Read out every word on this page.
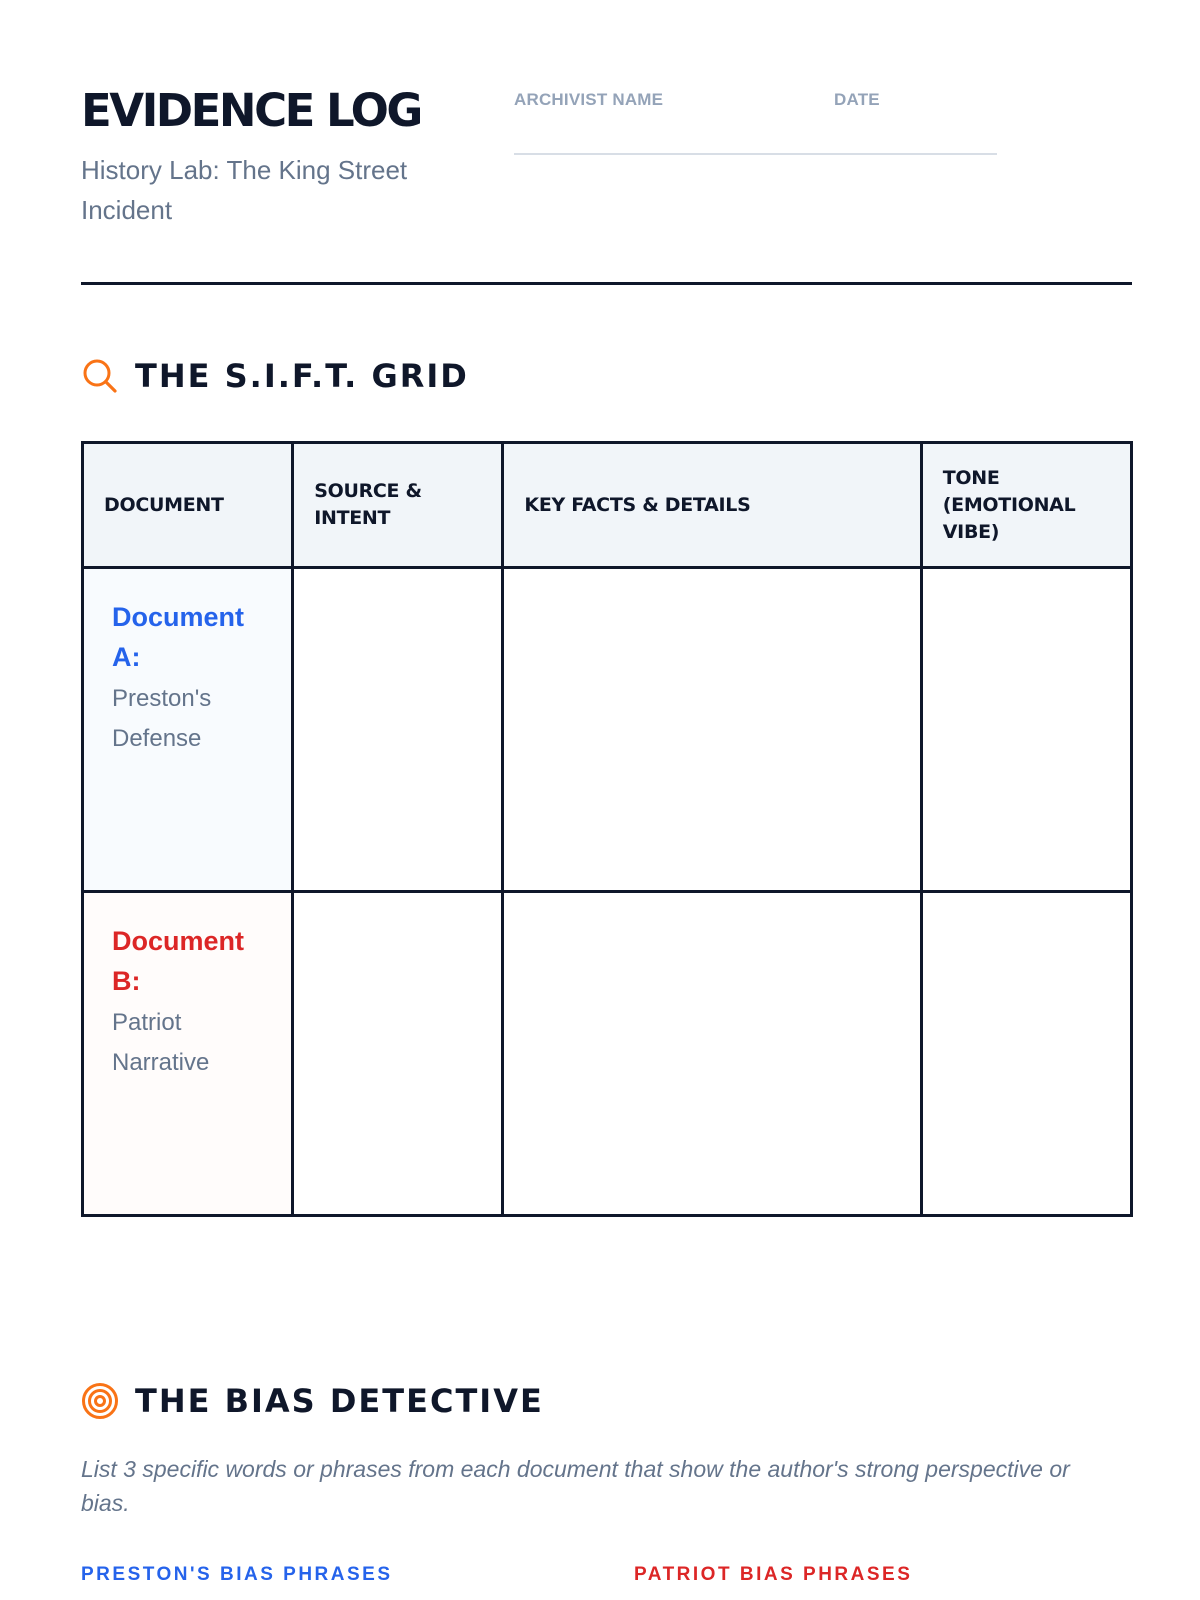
EVIDENCE LOG
History Lab: The King Street Incident
ARCHIVIST NAME	DATE
THE S.I.F.T. GRID
DOCUMENT	SOURCE & INTENT	KEY FACTS & DETAILS	TONE (EMOTIONAL VIBE)

Document A:
Preston's Defense			

Document B:
Patriot Narrative			

THE BIAS DETECTIVE
List 3 specific words or phrases from each document that show the author's strong perspective or bias.
PRESTON'S BIAS PHRASES	PATRIOT BIAS PHRASES
